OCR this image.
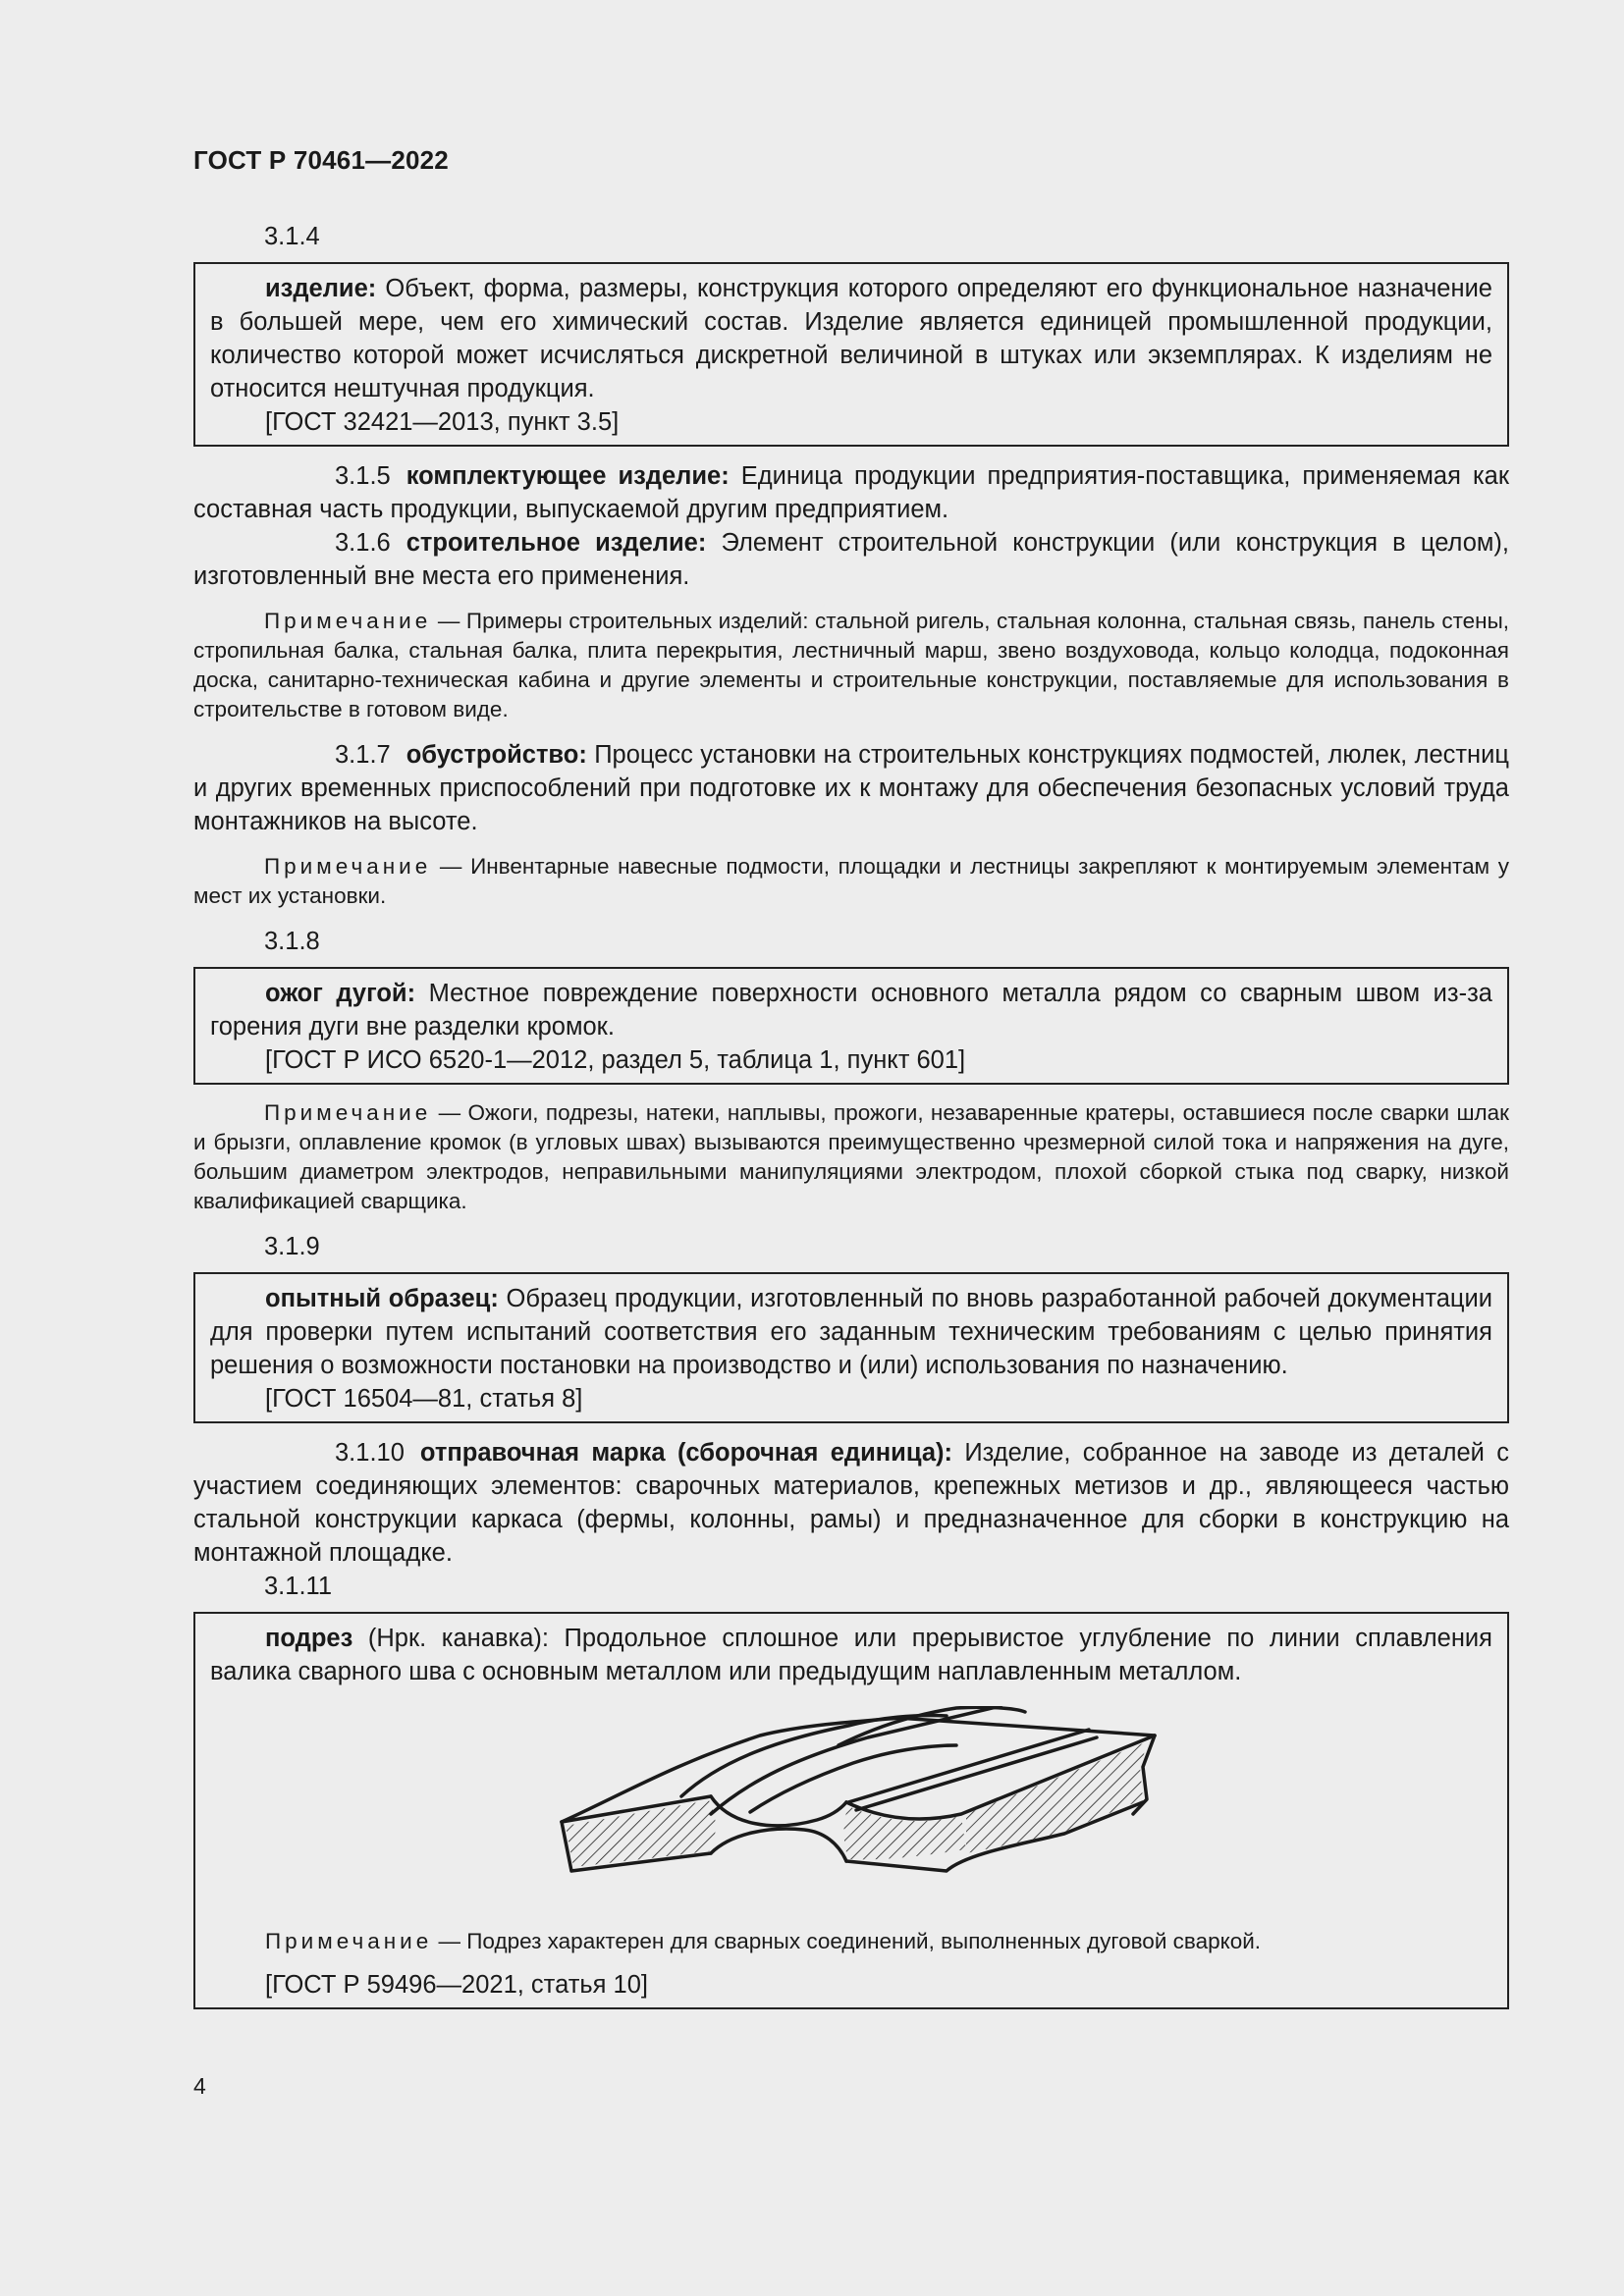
ГОСТ Р 70461—2022
3.1.4

изделие: Объект, форма, размеры, конструкция которого определяют его функциональное назначение в большей мере, чем его химический состав. Изделие является единицей промышленной продукции, количество которой может исчисляться дискретной величиной в штуках или экземплярах. К изделиям не относится нештучная продукция.

[ГОСТ 32421—2013, пункт 3.5]

3.1.5 комплектующее изделие: Единица продукции предприятия-поставщика, применяемая как составная часть продукции, выпускаемой другим предприятием.

3.1.6 строительное изделие: Элемент строительной конструкции (или конструкция в целом), изготовленный вне места его применения.

Примечание — Примеры строительных изделий: стальной ригель, стальная колонна, стальная связь, панель стены, стропильная балка, стальная балка, плита перекрытия, лестничный марш, звено воздуховода, кольцо колодца, подоконная доска, санитарно-техническая кабина и другие элементы и строительные конструкции, поставляемые для использования в строительстве в готовом виде.

3.1.7 обустройство: Процесс установки на строительных конструкциях подмостей, люлек, лестниц и других временных приспособлений при подготовке их к монтажу для обеспечения безопасных условий труда монтажников на высоте.

Примечание — Инвентарные навесные подмости, площадки и лестницы закрепляют к монтируемым элементам у мест их установки.

3.1.8

ожог дугой: Местное повреждение поверхности основного металла рядом со сварным швом из-за горения дуги вне разделки кромок.

[ГОСТ Р ИСО 6520-1—2012, раздел 5, таблица 1, пункт 601]

Примечание — Ожоги, подрезы, натеки, наплывы, прожоги, незаваренные кратеры, оставшиеся после сварки шлак и брызги, оплавление кромок (в угловых швах) вызываются преимущественно чрезмерной силой тока и напряжения на дуге, большим диаметром электродов, неправильными манипуляциями электродом, плохой сборкой стыка под сварку, низкой квалификацией сварщика.

3.1.9

опытный образец: Образец продукции, изготовленный по вновь разработанной рабочей документации для проверки путем испытаний соответствия его заданным техническим требованиям с целью принятия решения о возможности постановки на производство и (или) использования по назначению.

[ГОСТ 16504—81, статья 8]

3.1.10 отправочная марка (сборочная единица): Изделие, собранное на заводе из деталей с участием соединяющих элементов: сварочных материалов, крепежных метизов и др., являющееся частью стальной конструкции каркаса (фермы, колонны, рамы) и предназначенное для сборки в конструкцию на монтажной площадке.

3.1.11

подрез (Нрк. канавка): Продольное сплошное или прерывистое углубление по линии сплавления валика сварного шва с основным металлом или предыдущим наплавленным металлом.

Примечание — Подрез характерен для сварных соединений, выполненных дуговой сваркой.

[ГОСТ Р 59496—2021, статья 10]

4
